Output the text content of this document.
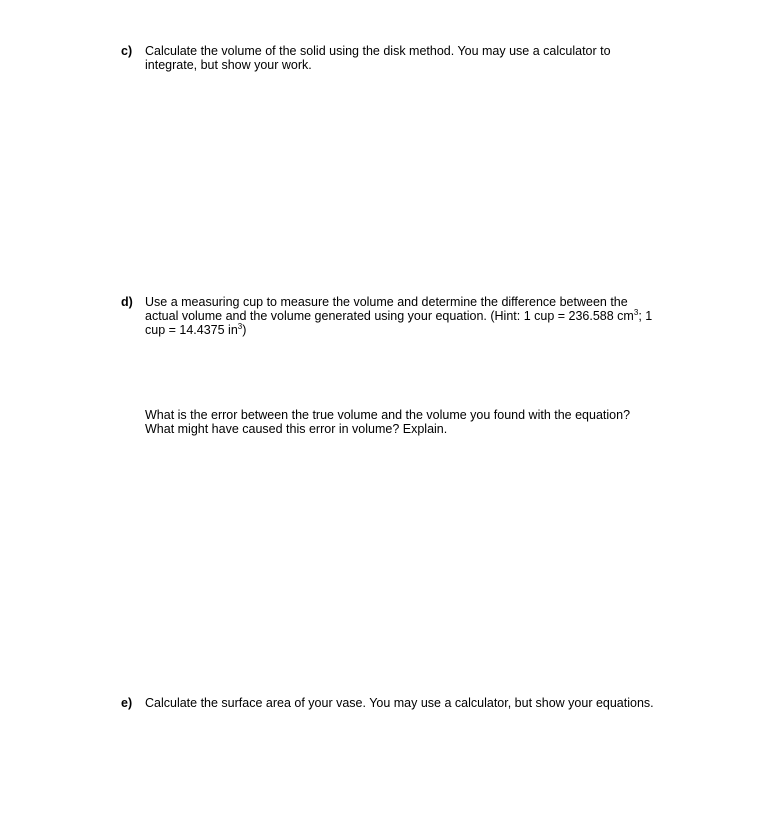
c) Calculate the volume of the solid using the disk method. You may use a calculator to
integrate, but show your work.
d) Use a measuring cup to measure the volume and determine the difference between the
actual volume and the volume generated using your equation. (Hint: 1 cup = 236.588 $cm^3$; 1
cup = 14.4375 $in^3$)
What is the error between the true volume and the volume you found with the equation?
What might have caused this error in volume? Explain.
e) Calculate the surface area of your vase. You may use a calculator, but show your equations.
